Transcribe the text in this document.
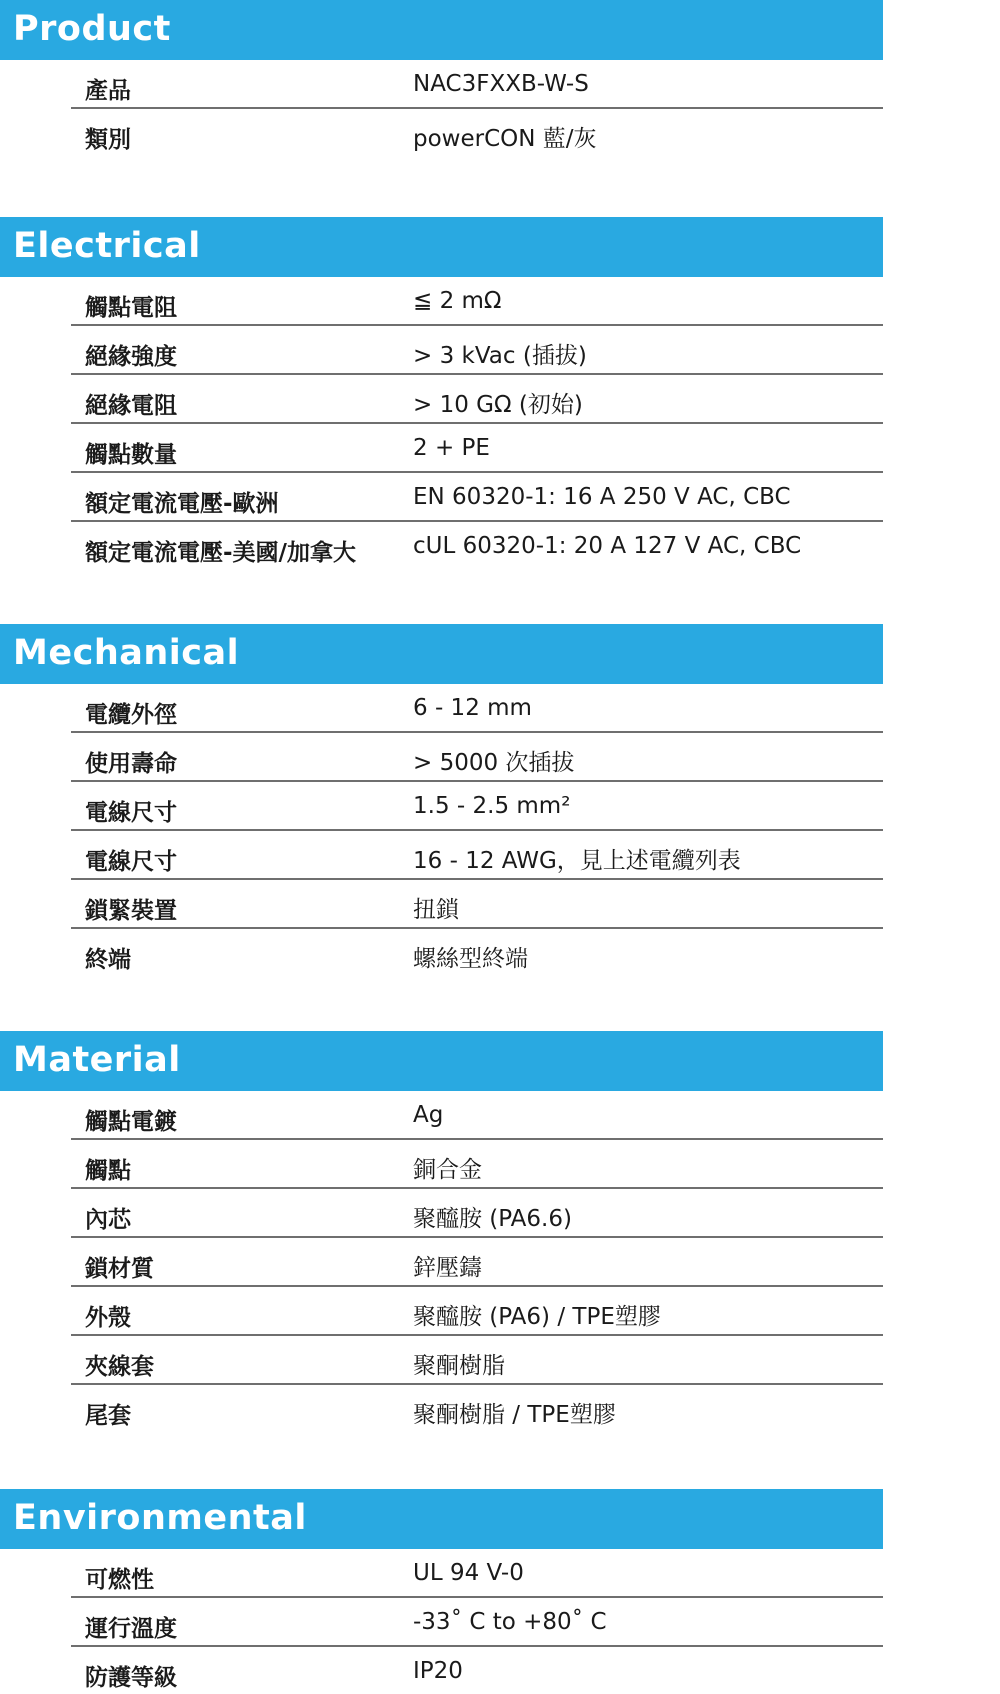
Product
產品	NAC3FXXB-W-S
類別	powerCON 藍/灰
Electrical
觸點電阻	≦ 2 mΩ
絕緣強度	> 3 kVac (插拔)
絕緣電阻	> 10 GΩ (初始)
觸點數量	2 + PE
額定電流電壓-歐洲	EN 60320-1: 16 A 250 V AC, CBC
額定電流電壓-美國/加拿大 cUL 60320-1: 20 A 127 V AC, CBC
Mechanical
電纜外徑	6 - 12 mm
使用壽命	> 5000 次插拔
電線尺寸	1.5 - 2.5 mm²
電線尺寸	16 - 12 AWG，見上述電纜列表
鎖緊裝置	扭鎖
終端	螺絲型終端
Material
觸點電鍍	Ag
觸點	銅合金
內芯	聚醯胺 (PA6.6)
鎖材質	鋅壓鑄
外殼	聚醯胺 (PA6) / TPE塑膠
夾線套	聚酮樹脂
尾套	聚酮樹脂 / TPE塑膠
Environmental
可燃性	UL 94 V-0
運行溫度	-33˚ C to +80˚ C
防護等級	IP20
